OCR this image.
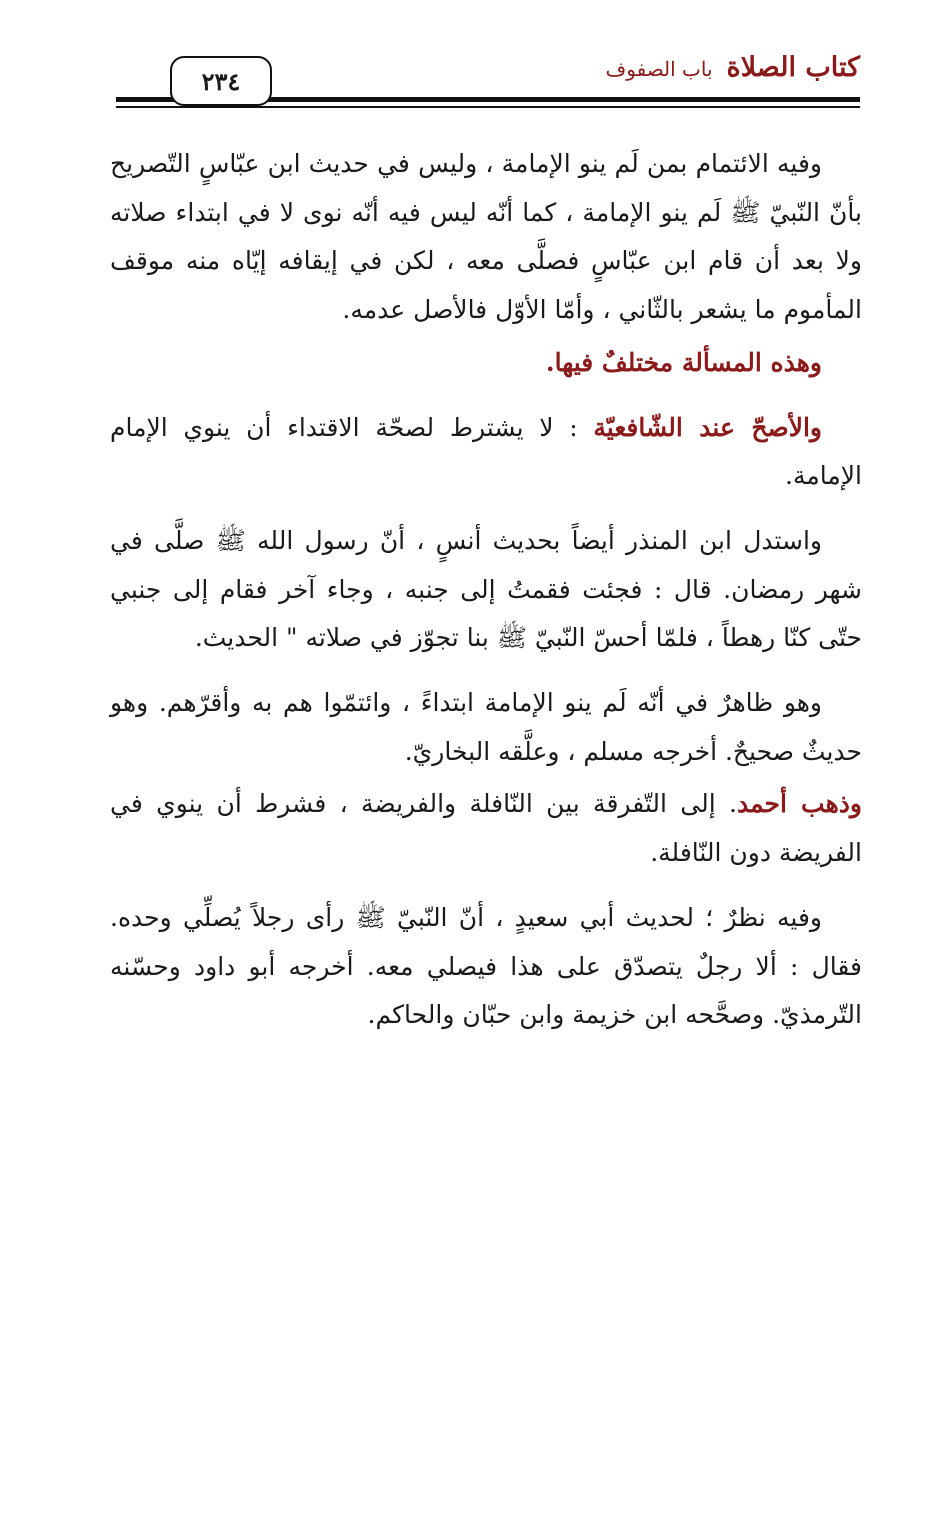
كتاب الصلاة
باب الصفوف
٢٣٤

وفيه الائتمام بمن لَم ينو الإمامة ، وليس في حديث ابن عبّاسٍ التّصريح بأنّ النّبيّ ﷺ لَم ينو الإمامة ، كما أنّه ليس فيه أنّه نوى لا في ابتداء صلاته ولا بعد أن قام ابن عبّاسٍ فصلَّى معه ، لكن في إيقافه إيّاه منه موقف المأموم ما يشعر بالثّاني ، وأمّا الأوّل فالأصل عدمه.

وهذه المسألة مختلفٌ فيها.

والأصحّ عند الشّافعيّة : لا يشترط لصحّة الاقتداء أن ينوي الإمام الإمامة.

واستدل ابن المنذر أيضاً بحديث أنسٍ ، أنّ رسول الله ﷺ صلَّى في شهر رمضان. قال : فجئت فقمتُ إلى جنبه ، وجاء آخر فقام إلى جنبي حتّى كنّا رهطاً ، فلمّا أحسّ النّبيّ ﷺ بنا تجوّز في صلاته " الحديث.

وهو ظاهرٌ في أنّه لَم ينو الإمامة ابتداءً ، وائتمّوا هم به وأقرّهم. وهو حديثٌ صحيحٌ. أخرجه مسلم ، وعلَّقه البخاريّ.

وذهب أحمد. إلى التّفرقة بين النّافلة والفريضة ، فشرط أن ينوي في الفريضة دون النّافلة.

وفيه نظرٌ ؛ لحديث أبي سعيدٍ ، أنّ النّبيّ ﷺ رأى رجلاً يُصلِّي وحده. فقال : ألا رجلٌ يتصدّق على هذا فيصلي معه. أخرجه أبو داود وحسّنه التّرمذيّ. وصحَّحه ابن خزيمة وابن حبّان والحاكم.
